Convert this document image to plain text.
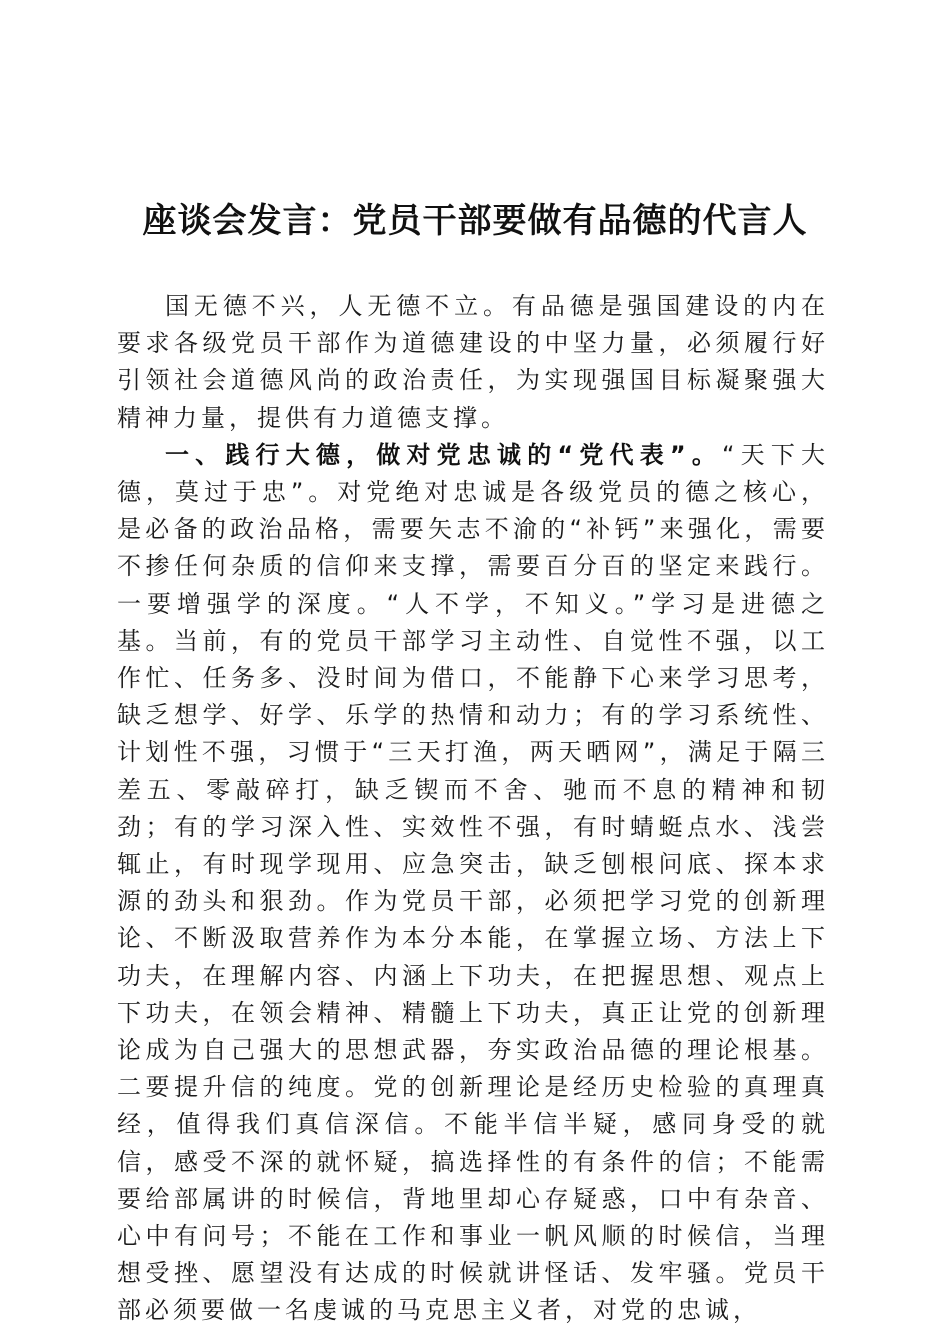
座谈会发言：党员干部要做有品德的代言人

国无德不兴，人无德不立。有品德是强国建设的内在要求各级党员干部作为道德建设的中坚力量，必须履行好引领社会道德风尚的政治责任，为实现强国目标凝聚强大精神力量，提供有力道德支撑。

一、践行大德，做对党忠诚的“党代表”。“天下大德，莫过于忠”。对党绝对忠诚是各级党员的德之核心，是必备的政治品格，需要矢志不渝的“补钙”来强化，需要不掺任何杂质的信仰来支撑，需要百分百的坚定来践行。一要增强学的深度。“人不学，不知义。”学习是进德之基。当前，有的党员干部学习主动性、自觉性不强，以工作忙、任务多、没时间为借口，不能静下心来学习思考，缺乏想学、好学、乐学的热情和动力；有的学习系统性、计划性不强，习惯于“三天打渔，两天晒网”，满足于隔三差五、零敲碎打，缺乏锲而不舍、驰而不息的精神和韧劲；有的学习深入性、实效性不强，有时蜻蜓点水、浅尝辄止，有时现学现用、应急突击，缺乏刨根问底、探本求源的劲头和狠劲。作为党员干部，必须把学习党的创新理论、不断汲取营养作为本分本能，在掌握立场、方法上下功夫，在理解内容、内涵上下功夫，在把握思想、观点上下功夫，在领会精神、精髓上下功夫，真正让党的创新理论成为自己强大的思想武器，夯实政治品德的理论根基。二要提升信的纯度。党的创新理论是经历史检验的真理真经，值得我们真信深信。不能半信半疑，感同身受的就信，感受不深的就怀疑，搞选择性的有条件的信；不能需要给部属讲的时候信，背地里却心存疑惑，口中有杂音、心中有问号；不能在工作和事业一帆风顺的时候信，当理想受挫、愿望没有达成的时候就讲怪话、发牢骚。党员干部必须要做一名虔诚的马克思主义者，对党的忠诚，
